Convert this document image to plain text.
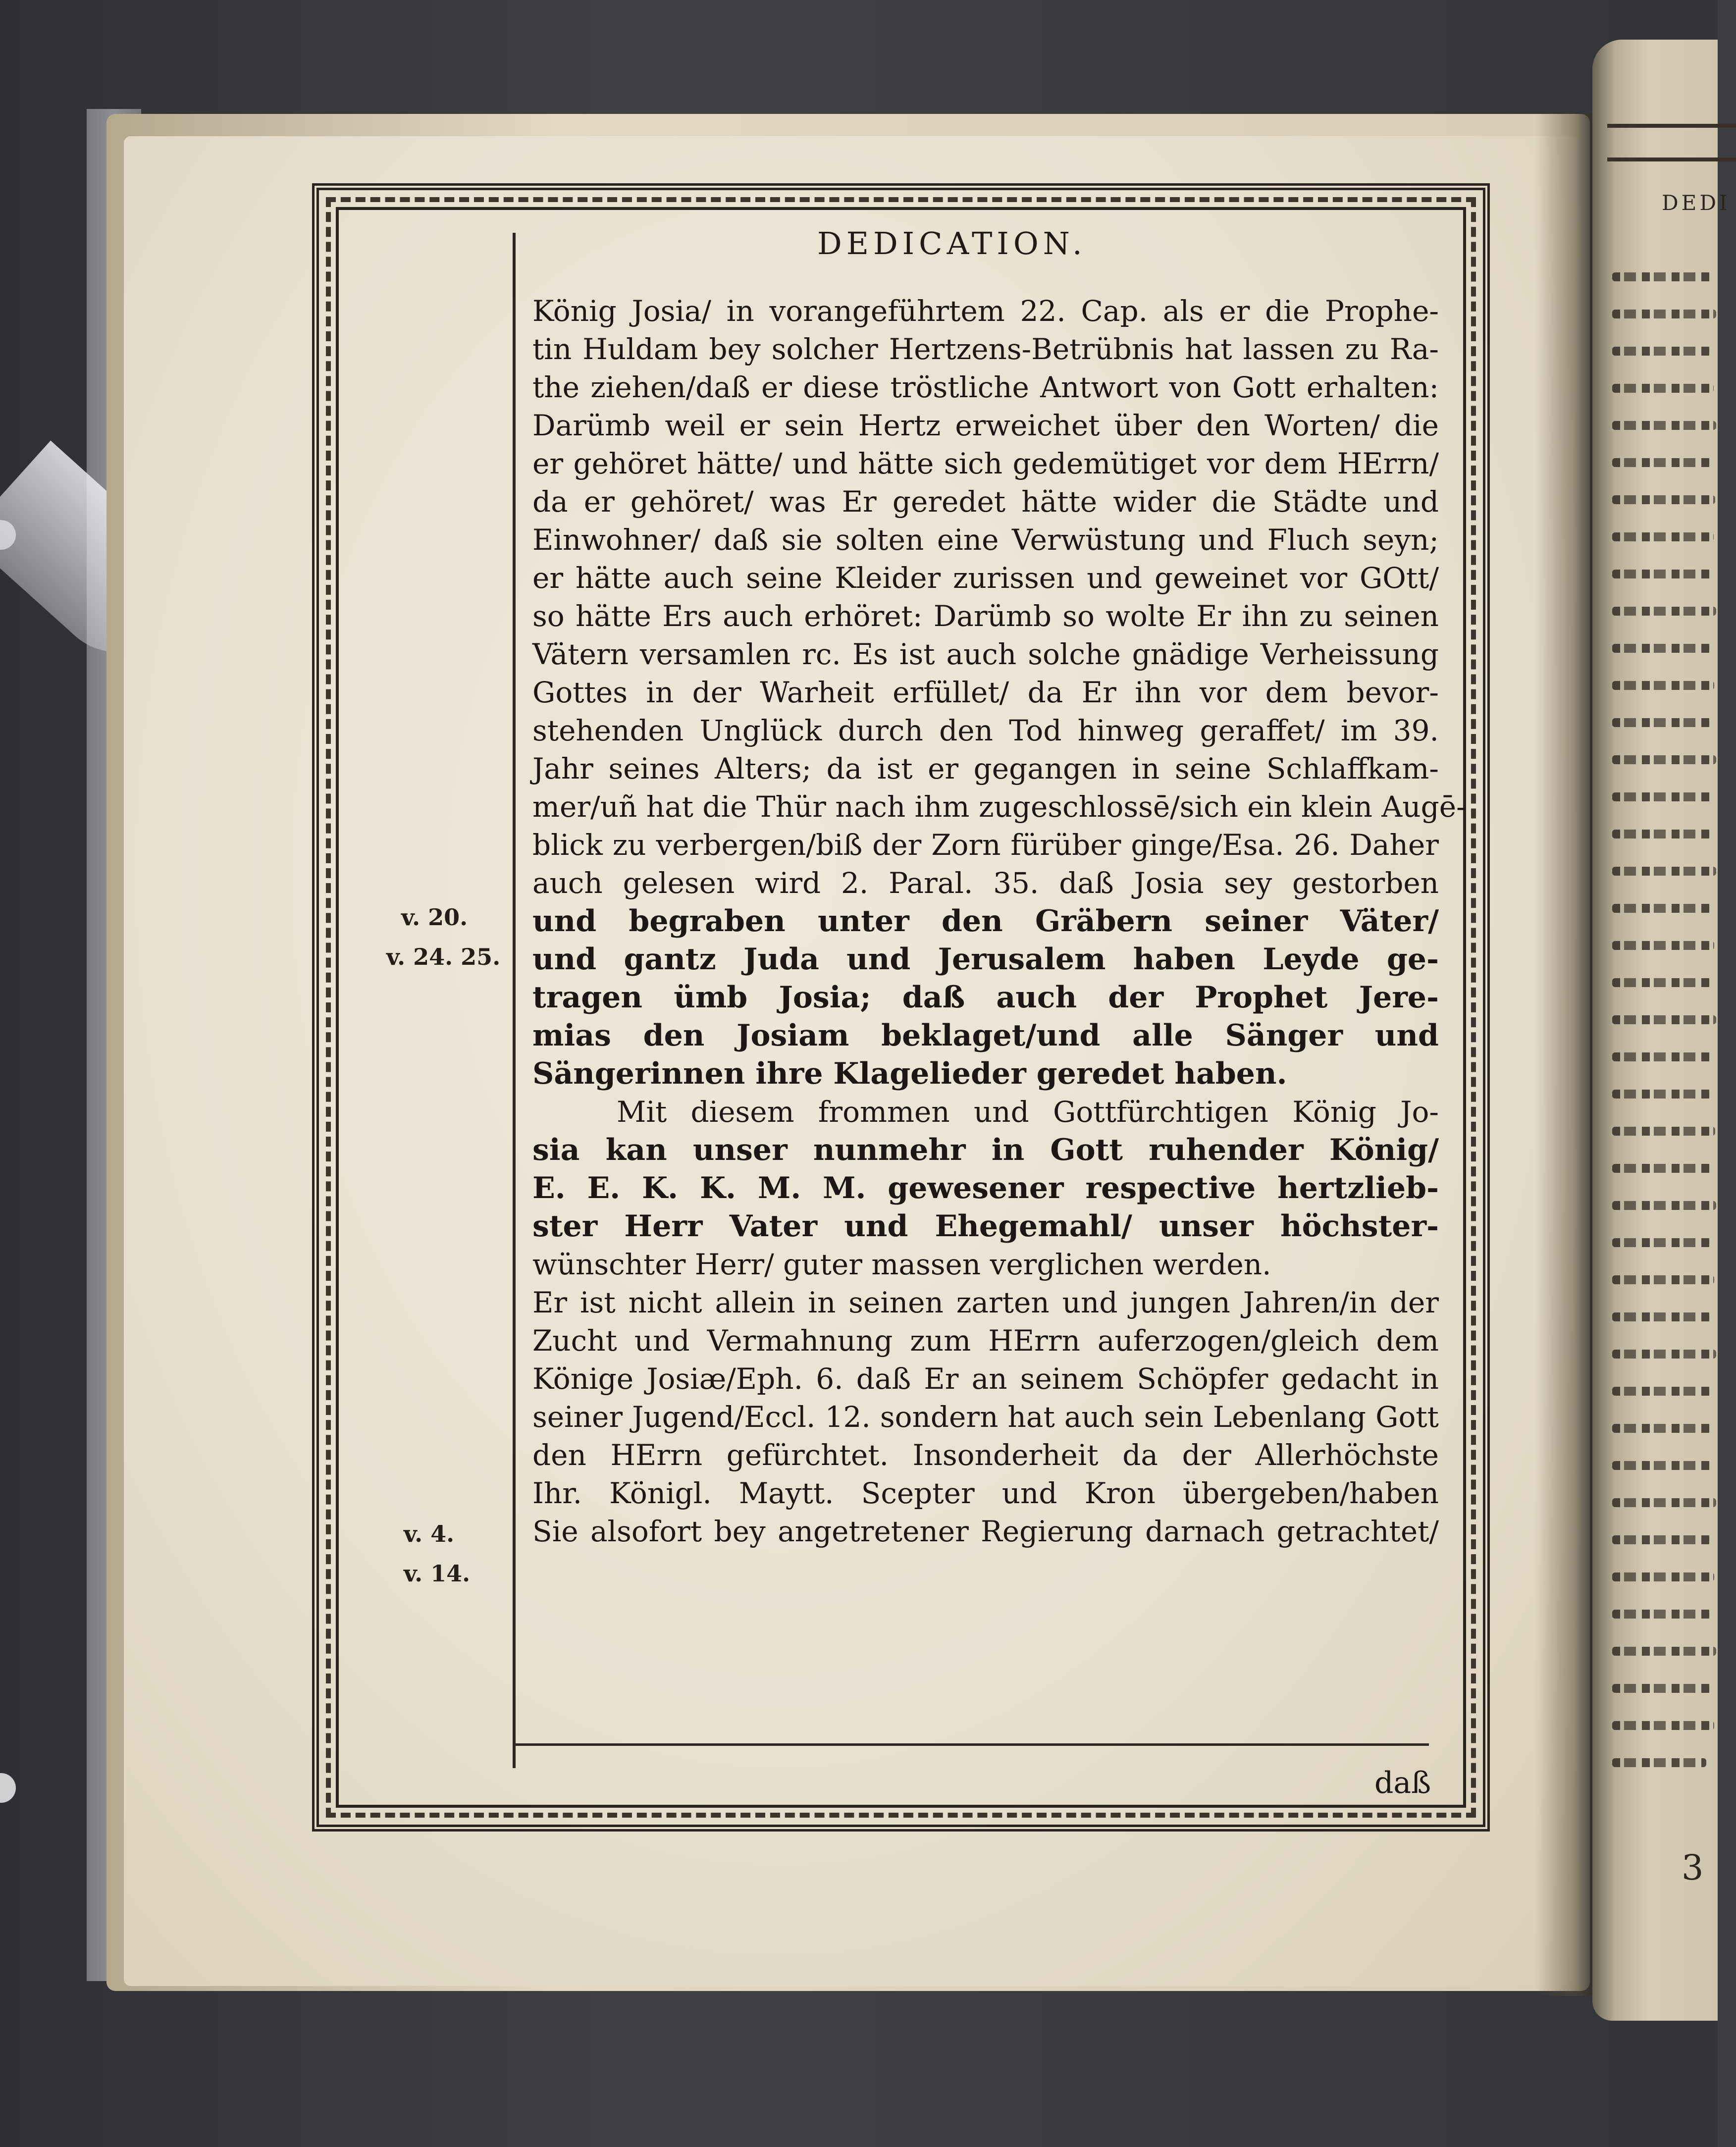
DEDI
3
DEDICATION.
König Josia/ in vorangeführtem 22. Cap. als er die Prophe-
tin Huldam bey solcher Hertzens-Betrübnis hat lassen zu Ra-
the ziehen/daß er diese tröstliche Antwort von Gott erhalten:
Darümb weil er sein Hertz erweichet über den Worten/ die
er gehöret hätte/ und hätte sich gedemütiget vor dem HErrn/
da er gehöret/ was Er geredet hätte wider die Städte und
Einwohner/ daß sie solten eine Verwüstung und Fluch seyn;
er hätte auch seine Kleider zurissen und geweinet vor GOtt/
so hätte Ers auch erhöret: Darümb so wolte Er ihn zu seinen
Vätern versamlen rc. Es ist auch solche gnädige Verheissung
Gottes in der Warheit erfüllet/ da Er ihn vor dem bevor-
stehenden Unglück durch den Tod hinweg geraffet/ im 39.
Jahr seines Alters; da ist er gegangen in seine Schlaffkam-
mer/uñ hat die Thür nach ihm zugeschlossē/sich ein klein Augē-
blick zu verbergen/biß der Zorn fürüber ginge/Esa. 26. Daher
auch gelesen wird 2. Paral. 35. daß Josia sey gestorben
und begraben unter den Gräbern seiner Väter/
und gantz Juda und Jerusalem haben Leyde ge-
tragen ümb Josia; daß auch der Prophet Jere-
mias den Josiam beklaget/und alle Sänger und
Sängerinnen ihre Klagelieder geredet haben.
Mit diesem frommen und Gottfürchtigen König Jo-
sia kan unser nunmehr in Gott ruhender König/
E. E. K. K. M. M. gewesener respective hertzlieb-
ster Herr Vater und Ehegemahl/ unser höchster-
wünschter Herr/ guter massen verglichen werden.
Er ist nicht allein in seinen zarten und jungen Jahren/in der
Zucht und Vermahnung zum HErrn auferzogen/gleich dem
Könige Josiæ/Eph. 6. daß Er an seinem Schöpfer gedacht in
seiner Jugend/Eccl. 12. sondern hat auch sein Lebenlang Gott
den HErrn gefürchtet. Insonderheit da der Allerhöchste
Ihr. Königl. Maytt. Scepter und Kron übergeben/haben
Sie alsofort bey angetretener Regierung darnach getrachtet/
v. 20.
v. 24. 25.
v. 4.
v. 14.
daß
